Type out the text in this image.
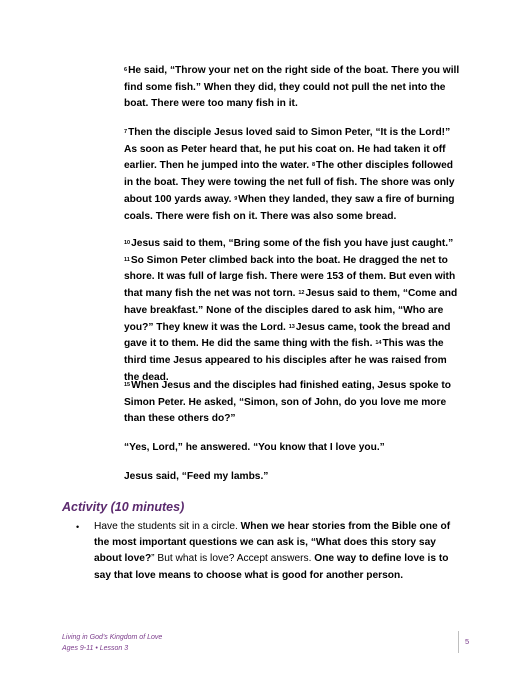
$^6$He said, “Throw your net on the right side of the boat. There you will find some fish.” When they did, they could not pull the net into the boat. There were too many fish in it.

$^7$Then the disciple Jesus loved said to Simon Peter, “It is the Lord!” As soon as Peter heard that, he put his coat on. He had taken it off earlier. Then he jumped into the water. $^8$The other disciples followed in the boat. They were towing the net full of fish. The shore was only about 100 yards away. $^9$When they landed, they saw a fire of burning coals. There were fish on it. There was also some bread.

$^{10}$Jesus said to them, “Bring some of the fish you have just caught.” $^{11}$So Simon Peter climbed back into the boat. He dragged the net to shore. It was full of large fish. There were 153 of them. But even with that many fish the net was not torn. $^{12}$Jesus said to them, “Come and have breakfast.” None of the disciples dared to ask him, “Who are you?” They knew it was the Lord. $^{13}$Jesus came, took the bread and gave it to them. He did the same thing with the fish. $^{14}$This was the third time Jesus appeared to his disciples after he was raised from the dead.

$^{15}$When Jesus and the disciples had finished eating, Jesus spoke to Simon Peter. He asked, “Simon, son of John, do you love me more than these others do?”

“Yes, Lord,” he answered. “You know that I love you.”

Jesus said, “Feed my lambs.”

Activity (10 minutes)
• Have the students sit in a circle. When we hear stories from the Bible one of the most important questions we can ask is, “What does this story say about love?” But what is love? Accept answers. One way to define love is to say that love means to choose what is good for another person.
Living in God’s Kingdom of Love
Ages 9-11 • Lesson 3
5
